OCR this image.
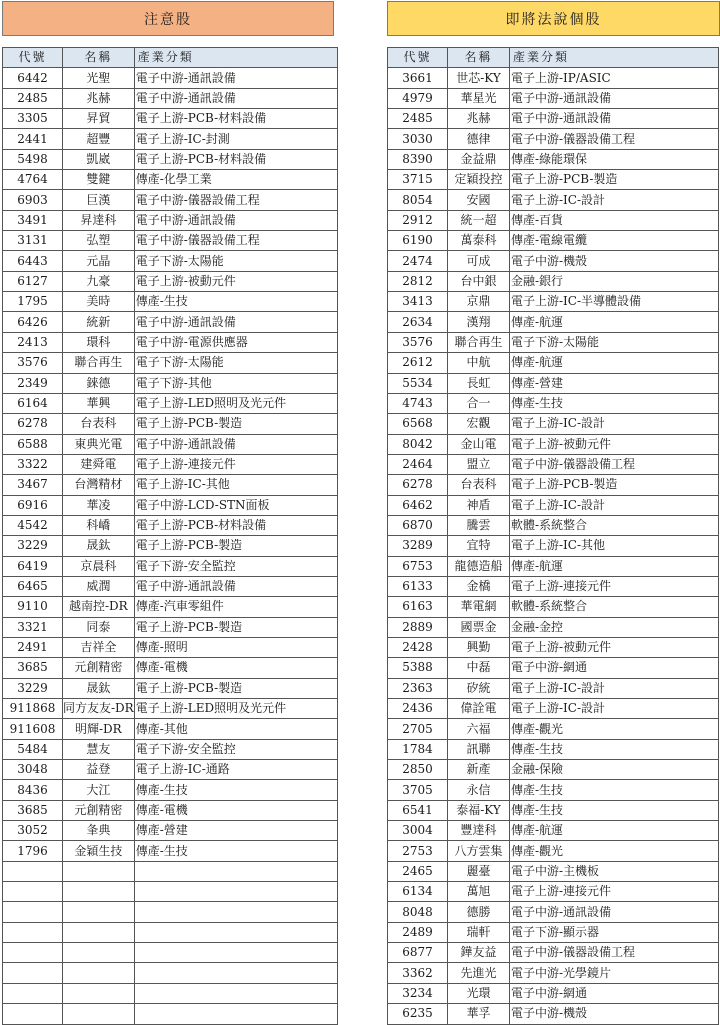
注意股	即將法說個股
代號	名稱	產業分類
6442	光聖	電子中游-通訊設備
2485	兆赫	電子中游-通訊設備
3305	昇貿	電子上游-PCB-材料設備
2441	超豐	電子上游-IC-封測
5498	凱崴	電子上游-PCB-材料設備
4764	雙鍵	傳產-化學工業
6903	巨漢	電子中游-儀器設備工程
3491	昇達科	電子中游-通訊設備
3131	弘塑	電子中游-儀器設備工程
6443	元晶	電子下游-太陽能
6127	九豪	電子上游-被動元件
1795	美時	傳產-生技
6426	統新	電子中游-通訊設備
2413	環科	電子中游-電源供應器
3576	聯合再生	電子下游-太陽能
2349	錸德	電子下游-其他
6164	華興	電子上游-LED照明及光元件
6278	台表科	電子上游-PCB-製造
6588	東典光電	電子中游-通訊設備
3322	建舜電	電子上游-連接元件
3467	台灣精材	電子上游-IC-其他
6916	華凌	電子中游-LCD-STN面板
4542	科嶠	電子上游-PCB-材料設備
3229	晟鈦	電子上游-PCB-製造
6419	京晨科	電子下游-安全監控
6465	威潤	電子中游-通訊設備
9110	越南控-DR	傳產-汽車零組件
3321	同泰	電子上游-PCB-製造
2491	吉祥全	傳產-照明
3685	元創精密	傳產-電機
3229	晟鈦	電子上游-PCB-製造
911868	同方友友-DR	電子上游-LED照明及光元件
911608	明輝-DR	傳產-其他
5484	慧友	電子下游-安全監控
3048	益登	電子上游-IC-通路
8436	大江	傳產-生技
3685	元創精密	傳產-電機
3052	夆典	傳產-營建
1796	金穎生技	傳產-生技

代號	名稱	產業分類
3661	世芯-KY	電子上游-IP/ASIC
4979	華星光	電子中游-通訊設備
2485	兆赫	電子中游-通訊設備
3030	德律	電子中游-儀器設備工程
8390	金益鼎	傳產-綠能環保
3715	定穎投控	電子上游-PCB-製造
8054	安國	電子上游-IC-設計
2912	統一超	傳產-百貨
6190	萬泰科	傳產-電線電纜
2474	可成	電子中游-機殼
2812	台中銀	金融-銀行
3413	京鼎	電子上游-IC-半導體設備
2634	漢翔	傳產-航運
3576	聯合再生	電子下游-太陽能
2612	中航	傳產-航運
5534	長虹	傳產-營建
4743	合一	傳產-生技
6568	宏觀	電子上游-IC-設計
8042	金山電	電子上游-被動元件
2464	盟立	電子中游-儀器設備工程
6278	台表科	電子上游-PCB-製造
6462	神盾	電子上游-IC-設計
6870	騰雲	軟體-系統整合
3289	宜特	電子上游-IC-其他
6753	龍德造船	傳產-航運
6133	金橋	電子上游-連接元件
6163	華電網	軟體-系統整合
2889	國票金	金融-金控
2428	興勤	電子上游-被動元件
5388	中磊	電子中游-網通
2363	矽統	電子上游-IC-設計
2436	偉詮電	電子上游-IC-設計
2705	六福	傳產-觀光
1784	訊聯	傳產-生技
2850	新產	金融-保險
3705	永信	傳產-生技
6541	泰福-KY	傳產-生技
3004	豐達科	傳產-航運
2753	八方雲集	傳產-觀光
2465	麗臺	電子中游-主機板
6134	萬旭	電子上游-連接元件
8048	德勝	電子中游-通訊設備
2489	瑞軒	電子下游-顯示器
6877	鏵友益	電子中游-儀器設備工程
3362	先進光	電子中游-光學鏡片
3234	光環	電子中游-網通
6235	華孚	電子中游-機殼
